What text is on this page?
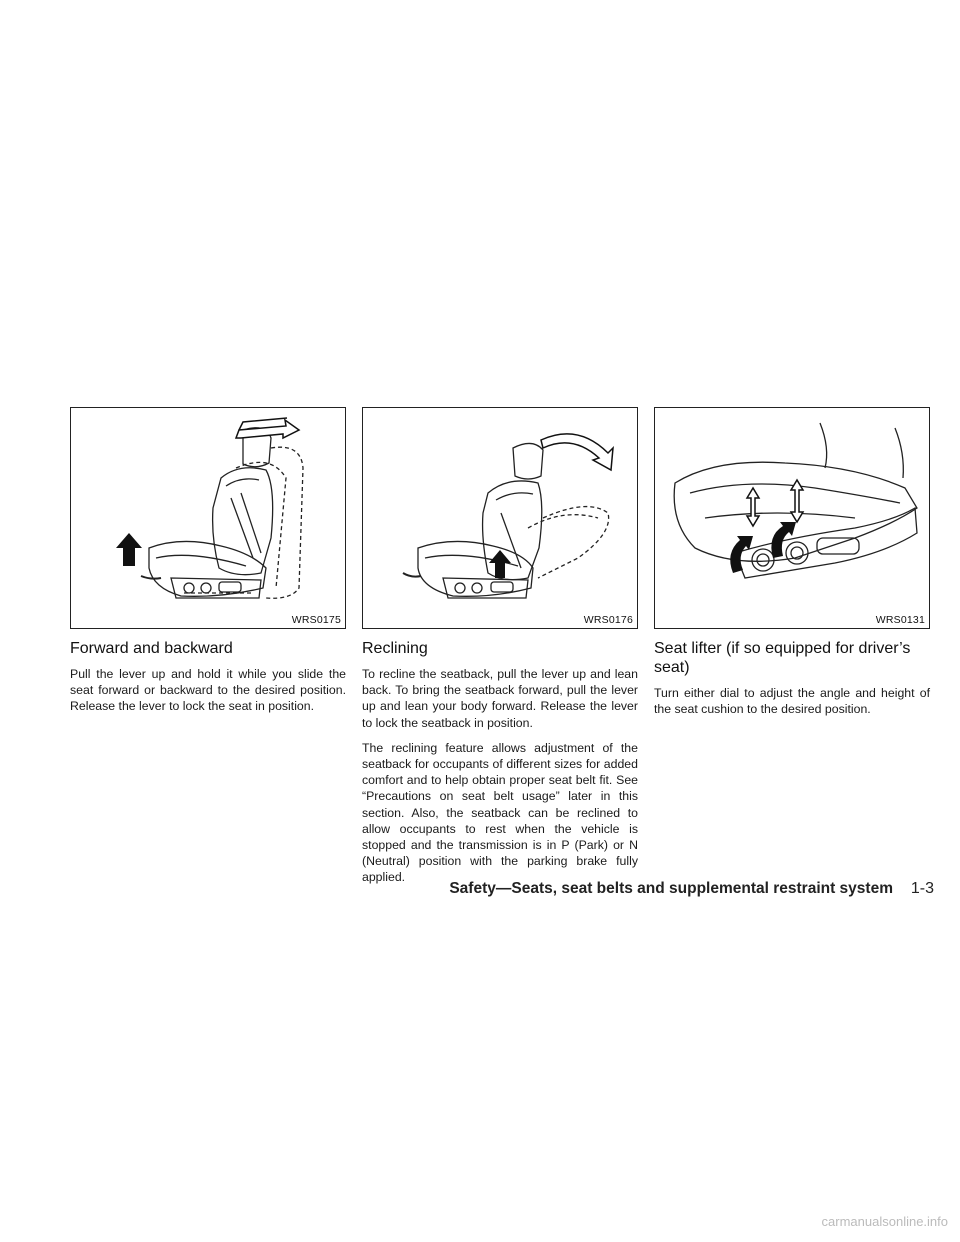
WRS0175
Forward and backward

Pull the lever up and hold it while you slide the seat forward or backward to the desired position. Release the lever to lock the seat in position.

WRS0176
Reclining

To recline the seatback, pull the lever up and lean back. To bring the seatback forward, pull the lever up and lean your body forward. Release the lever to lock the seatback in position.

The reclining feature allows adjustment of the seatback for occupants of different sizes for added comfort and to help obtain proper seat belt fit. See “Precautions on seat belt usage” later in this section. Also, the seatback can be reclined to allow occupants to rest when the vehicle is stopped and the transmission is in P (Park) or N (Neutral) position with the parking brake fully applied.

WRS0131
Seat lifter (if so equipped for driver’s seat)

Turn either dial to adjust the angle and height of the seat cushion to the desired position.

Safety—Seats, seat belts and supplemental restraint system 1-3
carmanualsonline.info
